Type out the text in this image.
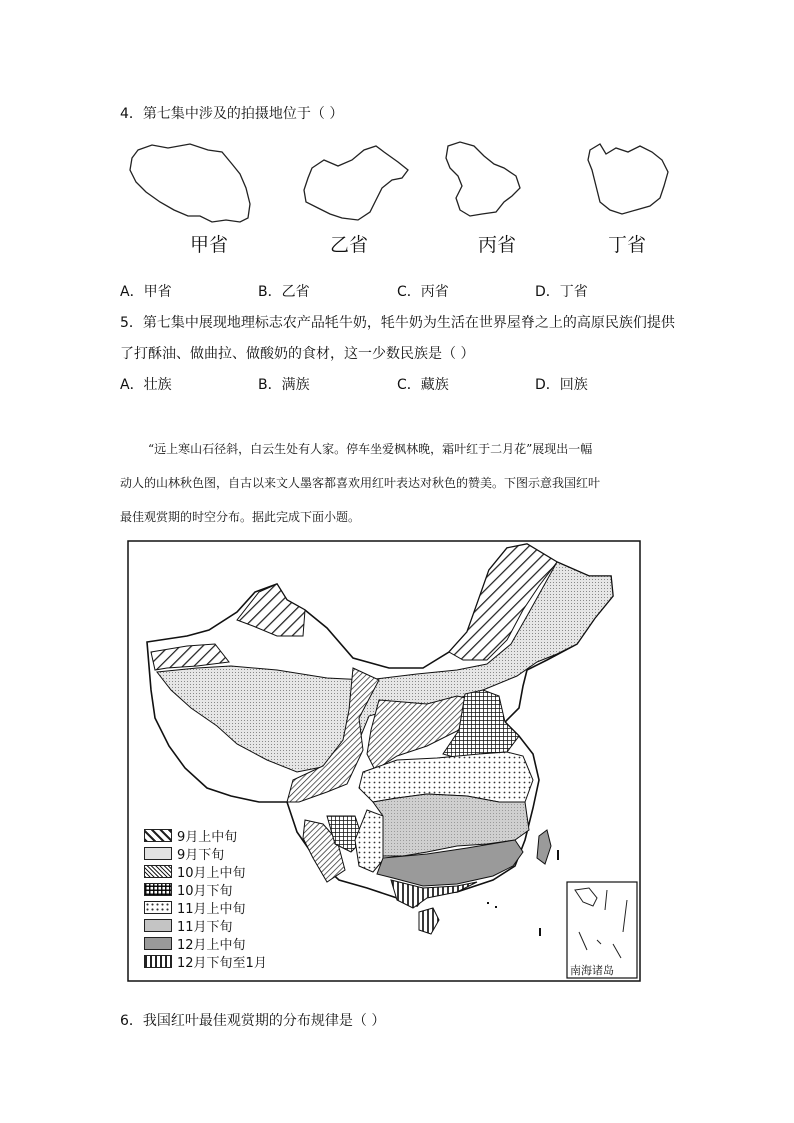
4．第七集中涉及的拍摄地位于（ ）
甲省	乙省	丙省	丁省
A．甲省	B．乙省	C．丙省	D．丁省
5．第七集中展现地理标志农产品牦牛奶，牦牛奶为生活在世界屋脊之上的高原民族们提供
了打酥油、做曲拉、做酸奶的食材，这一少数民族是（ ）
A．壮族	B．满族	C．藏族	D．回族

“远上寒山石径斜，白云生处有人家。停车坐爱枫林晚，霜叶红于二月花”展现出一幅

动人的山林秋色图，自古以来文人墨客都喜欢用红叶表达对秋色的赞美。下图示意我国红叶

最佳观赏期的时空分布。据此完成下面小题。

南海诸岛
9月上中旬
9月下旬
10月上中旬
10月下旬
11月上中旬
11月下旬
12月上中旬
12月下旬至1月
6．我国红叶最佳观赏期的分布规律是（ ）
